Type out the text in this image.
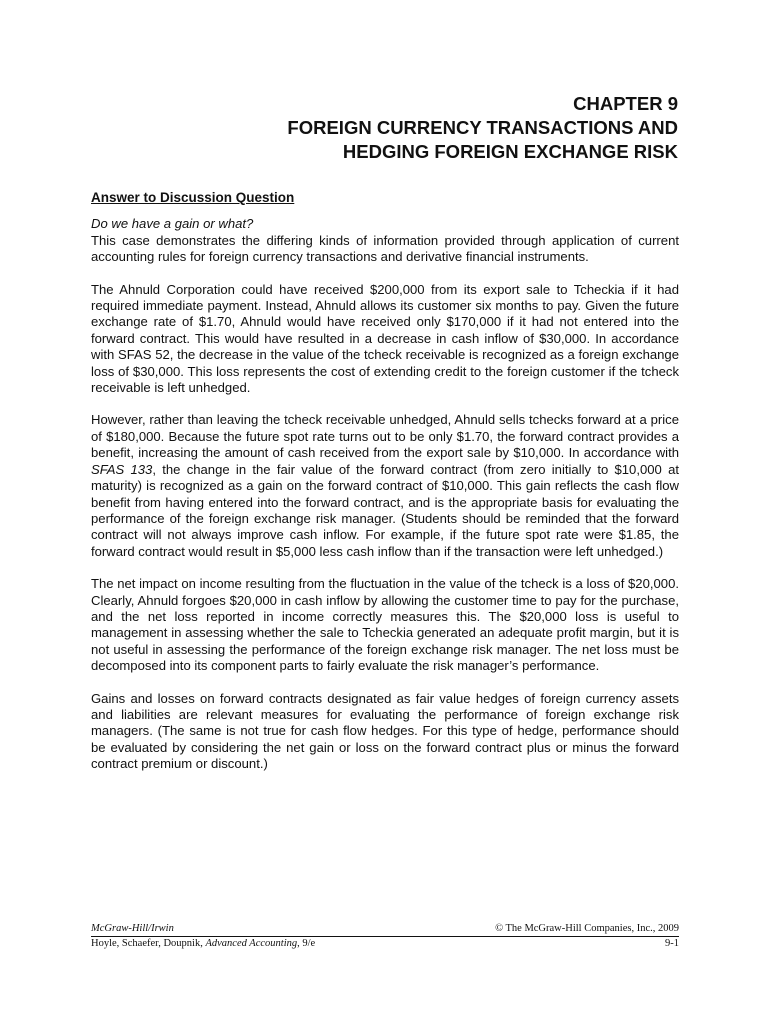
CHAPTER 9
FOREIGN CURRENCY TRANSACTIONS AND
HEDGING FOREIGN EXCHANGE RISK

Answer to Discussion Question

Do we have a gain or what?

This case demonstrates the differing kinds of information provided through application of current accounting rules for foreign currency transactions and derivative financial instruments.

The Ahnuld Corporation could have received $200,000 from its export sale to Tcheckia if it had required immediate payment. Instead, Ahnuld allows its customer six months to pay. Given the future exchange rate of $1.70, Ahnuld would have received only $170,000 if it had not entered into the forward contract. This would have resulted in a decrease in cash inflow of $30,000. In accordance with SFAS 52, the decrease in the value of the tcheck receivable is recognized as a foreign exchange loss of $30,000. This loss represents the cost of extending credit to the foreign customer if the tcheck receivable is left unhedged.

However, rather than leaving the tcheck receivable unhedged, Ahnuld sells tchecks forward at a price of $180,000. Because the future spot rate turns out to be only $1.70, the forward contract provides a benefit, increasing the amount of cash received from the export sale by $10,000. In accordance with SFAS 133, the change in the fair value of the forward contract (from zero initially to $10,000 at maturity) is recognized as a gain on the forward contract of $10,000. This gain reflects the cash flow benefit from having entered into the forward contract, and is the appropriate basis for evaluating the performance of the foreign exchange risk manager. (Students should be reminded that the forward contract will not always improve cash inflow. For example, if the future spot rate were $1.85, the forward contract would result in $5,000 less cash inflow than if the transaction were left unhedged.)

The net impact on income resulting from the fluctuation in the value of the tcheck is a loss of $20,000. Clearly, Ahnuld forgoes $20,000 in cash inflow by allowing the customer time to pay for the purchase, and the net loss reported in income correctly measures this. The $20,000 loss is useful to management in assessing whether the sale to Tcheckia generated an adequate profit margin, but it is not useful in assessing the performance of the foreign exchange risk manager. The net loss must be decomposed into its component parts to fairly evaluate the risk manager’s performance.

Gains and losses on forward contracts designated as fair value hedges of foreign currency assets and liabilities are relevant measures for evaluating the performance of foreign exchange risk managers. (The same is not true for cash flow hedges. For this type of hedge, performance should be evaluated by considering the net gain or loss on the forward contract plus or minus the forward contract premium or discount.)

McGraw-Hill/Irwin	© The McGraw-Hill Companies, Inc., 2009
Hoyle, Schaefer, Doupnik, Advanced Accounting, 9/e	9-1
